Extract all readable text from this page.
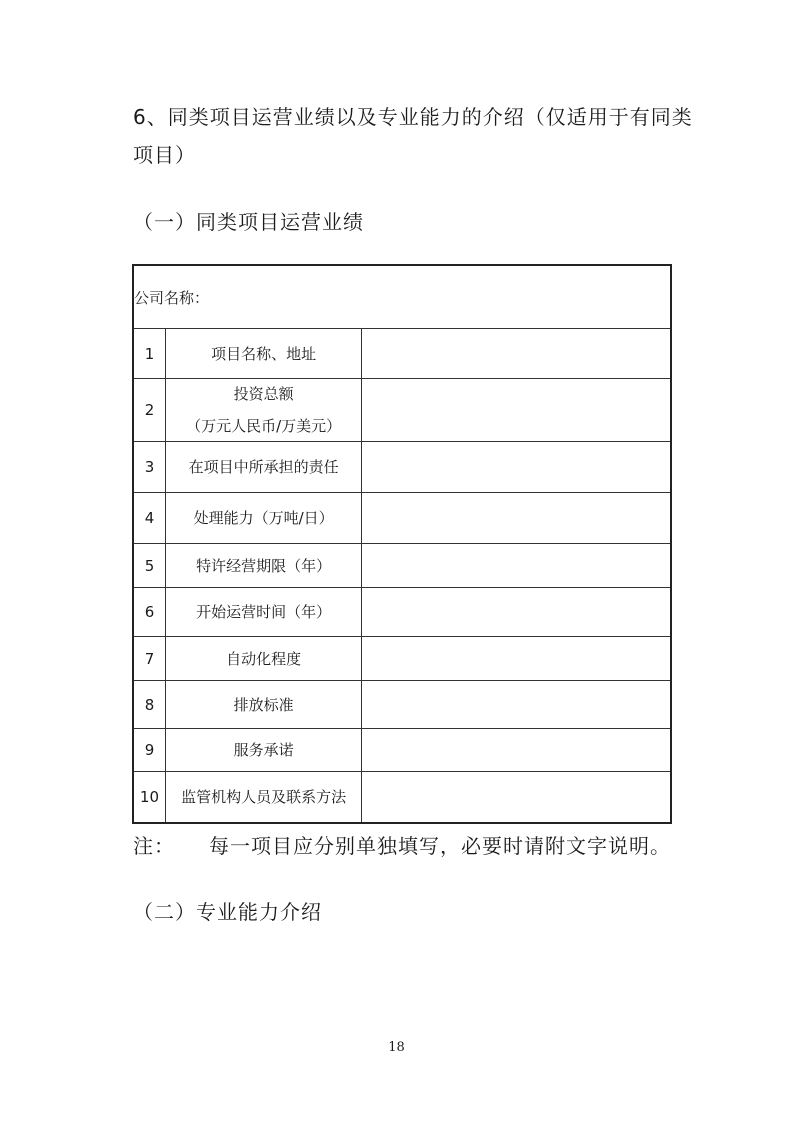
6、同类项目运营业绩以及专业能力的介绍（仅适用于有同类项目）
（一）同类项目运营业绩
公司名称：		
1	项目名称、地址	
2	投资总额
（万元人民币/万美元）	

3	在项目中所承担的责任	
4	处理能力（万吨/日）	
5	特许经营期限（年）	
6	开始运营时间（年）	
7	自动化程度	
8	排放标准	
9	服务承诺	
10	监管机构人员及联系方法	

注： 每一项目应分别单独填写，必要时请附文字说明。

（二）专业能力介绍
18
